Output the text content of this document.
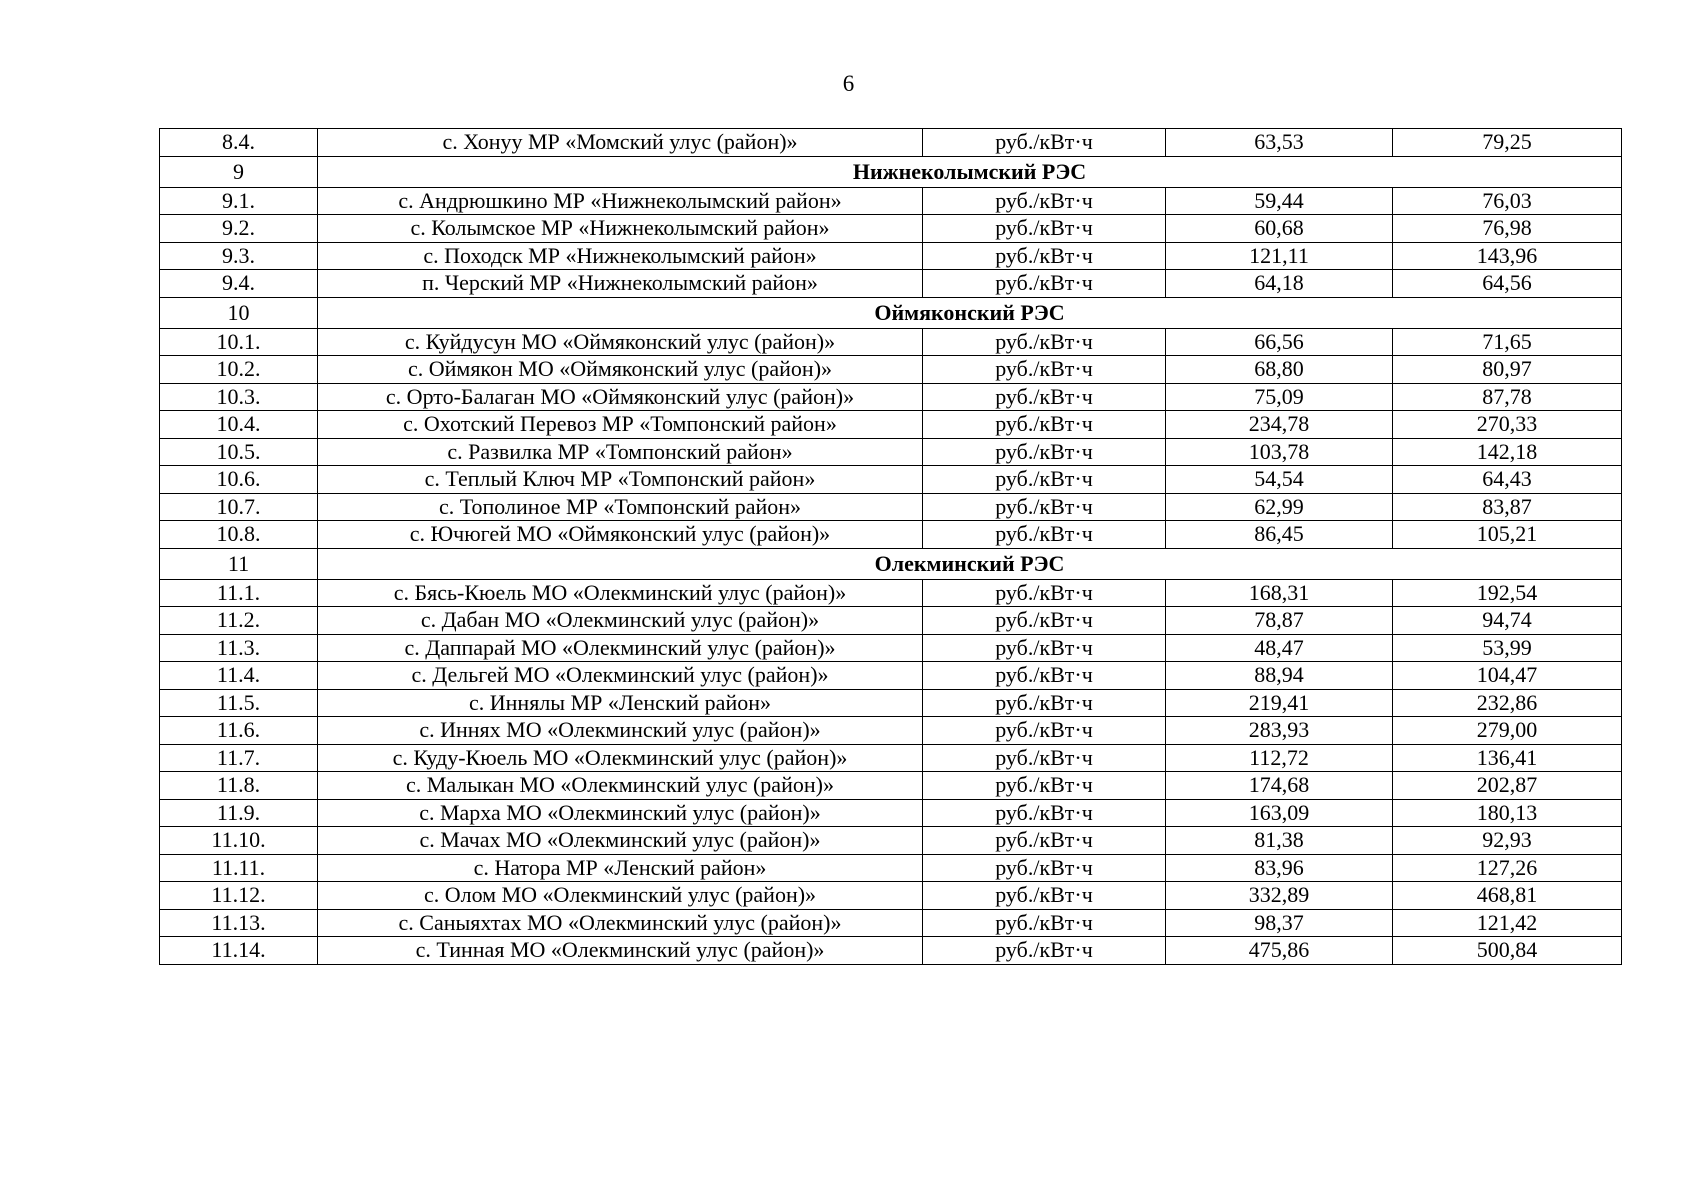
6
8.4.	с. Хонуу МР «Момский улус (район)»	руб./кВт·ч	63,53	79,25
9	Нижнеколымский РЭС			
9.1.	с. Андрюшкино МР «Нижнеколымский район»	руб./кВт·ч	59,44	76,03
9.2.	с. Колымское МР «Нижнеколымский район»	руб./кВт·ч	60,68	76,98
9.3.	с. Походск МР «Нижнеколымский район»	руб./кВт·ч	121,11	143,96
9.4.	п. Черский МР «Нижнеколымский район»	руб./кВт·ч	64,18	64,56
10	Оймяконский РЭС			
10.1.	с. Куйдусун МО «Оймяконский улус (район)»	руб./кВт·ч	66,56	71,65
10.2.	с. Оймякон МО «Оймяконский улус (район)»	руб./кВт·ч	68,80	80,97
10.3.	с. Орто-Балаган МО «Оймяконский улус (район)»	руб./кВт·ч	75,09	87,78
10.4.	с. Охотский Перевоз МР «Томпонский район»	руб./кВт·ч	234,78	270,33
10.5.	с. Развилка МР «Томпонский район»	руб./кВт·ч	103,78	142,18
10.6.	с. Теплый Ключ МР «Томпонский район»	руб./кВт·ч	54,54	64,43
10.7.	с. Тополиное МР «Томпонский район»	руб./кВт·ч	62,99	83,87
10.8.	с. Ючюгей МО «Оймяконский улус (район)»	руб./кВт·ч	86,45	105,21
11	Олекминский РЭС			
11.1.	с. Бясь-Кюель МО «Олекминский улус (район)»	руб./кВт·ч	168,31	192,54
11.2.	с. Дабан МО «Олекминский улус (район)»	руб./кВт·ч	78,87	94,74
11.3.	с. Даппарай МО «Олекминский улус (район)»	руб./кВт·ч	48,47	53,99
11.4.	с. Дельгей МО «Олекминский улус (район)»	руб./кВт·ч	88,94	104,47
11.5.	с. Иннялы МР «Ленский район»	руб./кВт·ч	219,41	232,86
11.6.	с. Иннях МО «Олекминский улус (район)»	руб./кВт·ч	283,93	279,00
11.7.	с. Куду-Кюель МО «Олекминский улус (район)»	руб./кВт·ч	112,72	136,41
11.8.	с. Малыкан МО «Олекминский улус (район)»	руб./кВт·ч	174,68	202,87
11.9.	с. Марха МО «Олекминский улус (район)»	руб./кВт·ч	163,09	180,13
11.10.	с. Мачах МО «Олекминский улус (район)»	руб./кВт·ч	81,38	92,93
11.11.	с. Натора МР «Ленский район»	руб./кВт·ч	83,96	127,26
11.12.	с. Олом МО «Олекминский улус (район)»	руб./кВт·ч	332,89	468,81
11.13.	с. Саныяхтах МО «Олекминский улус (район)»	руб./кВт·ч	98,37	121,42
11.14.	с. Тинная МО «Олекминский улус (район)»	руб./кВт·ч	475,86	500,84
